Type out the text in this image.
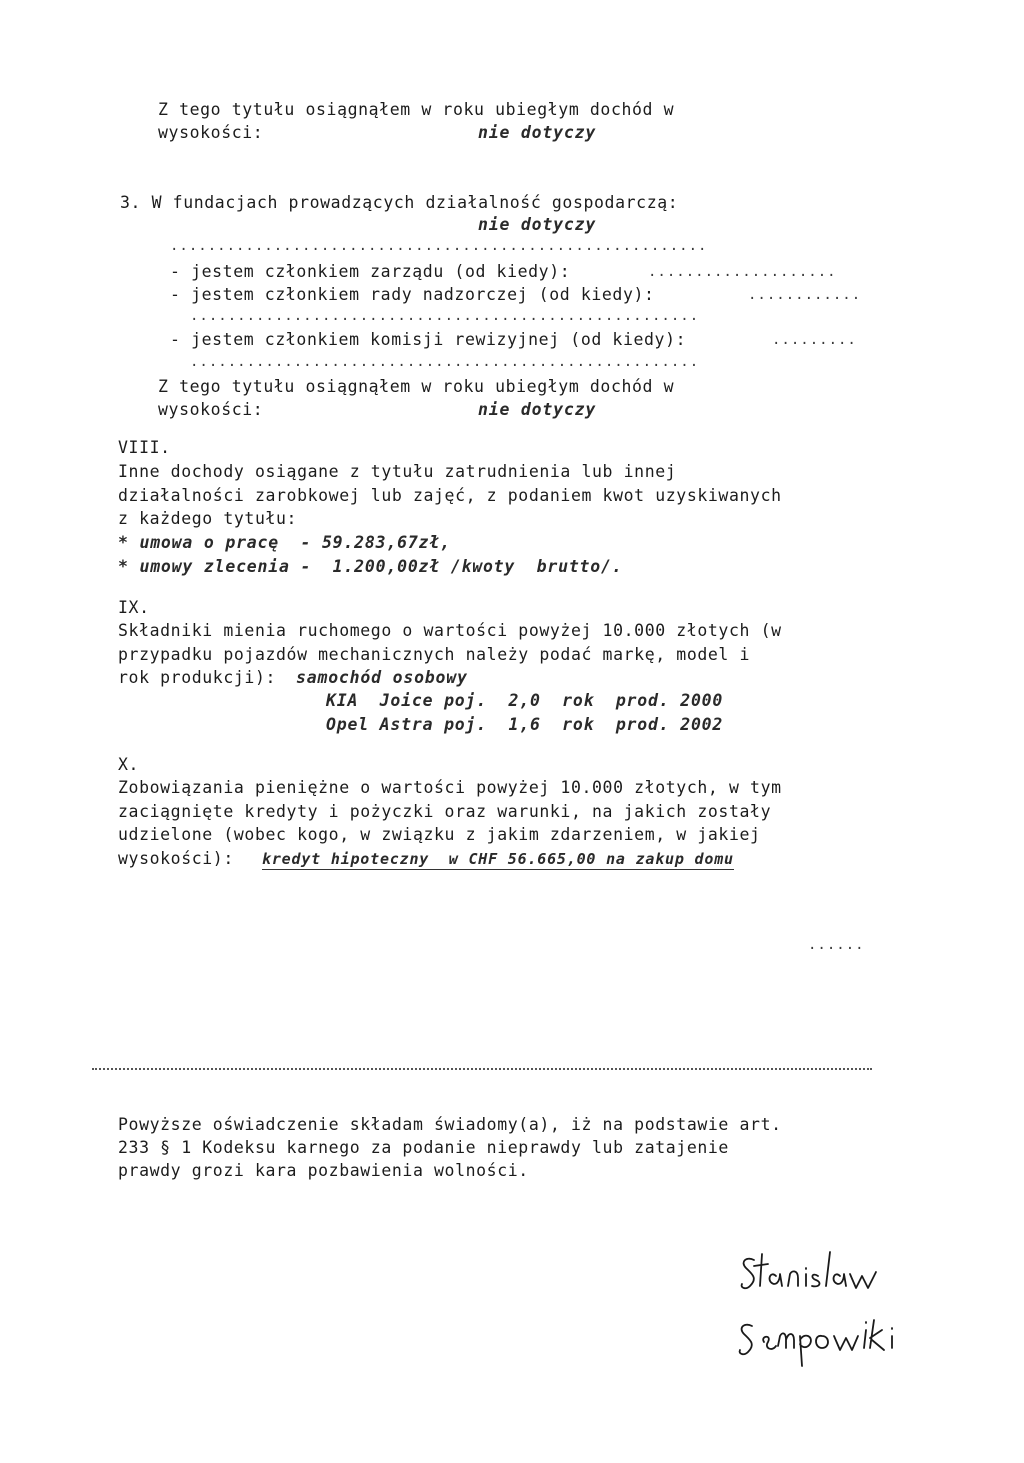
Z tego tytułu osiągnąłem w roku ubiegłym dochód w
wysokości:	nie dotyczy
3. W fundacjach prowadzących działalność gospodarczą:
nie dotyczy
.........................................................
- jestem członkiem zarządu (od kiedy):	....................
- jestem członkiem rady nadzorczej (od kiedy):	............
......................................................
- jestem członkiem komisji rewizyjnej (od kiedy):	.........
......................................................
Z tego tytułu osiągnąłem w roku ubiegłym dochód w
wysokości:	nie dotyczy
VIII.
Inne dochody osiągane z tytułu zatrudnienia lub innej
działalności zarobkowej lub zajęć, z podaniem kwot uzyskiwanych
z każdego tytułu:
* umowa o pracę  - 59.283,67zł,
* umowy zlecenia -  1.200,00zł /kwoty  brutto/.
IX.
Składniki mienia ruchomego o wartości powyżej 10.000 złotych (w
przypadku pojazdów mechanicznych należy podać markę, model i
rok produkcji): samochód osobowy
KIA  Joice poj.  2,0  rok  prod. 2000
Opel Astra poj.  1,6  rok  prod. 2002
X.
Zobowiązania pieniężne o wartości powyżej 10.000 złotych, w tym
zaciągnięte kredyty i pożyczki oraz warunki, na jakich zostały
udzielone (wobec kogo, w związku z jakim zdarzeniem, w jakiej
wysokości): kredyt hipoteczny  w CHF 56.665,00 na zakup domu
......
Powyższe oświadczenie składam świadomy(a), iż na podstawie art.
233 § 1 Kodeksu karnego za podanie nieprawdy lub zatajenie
prawdy grozi kara pozbawienia wolności.
